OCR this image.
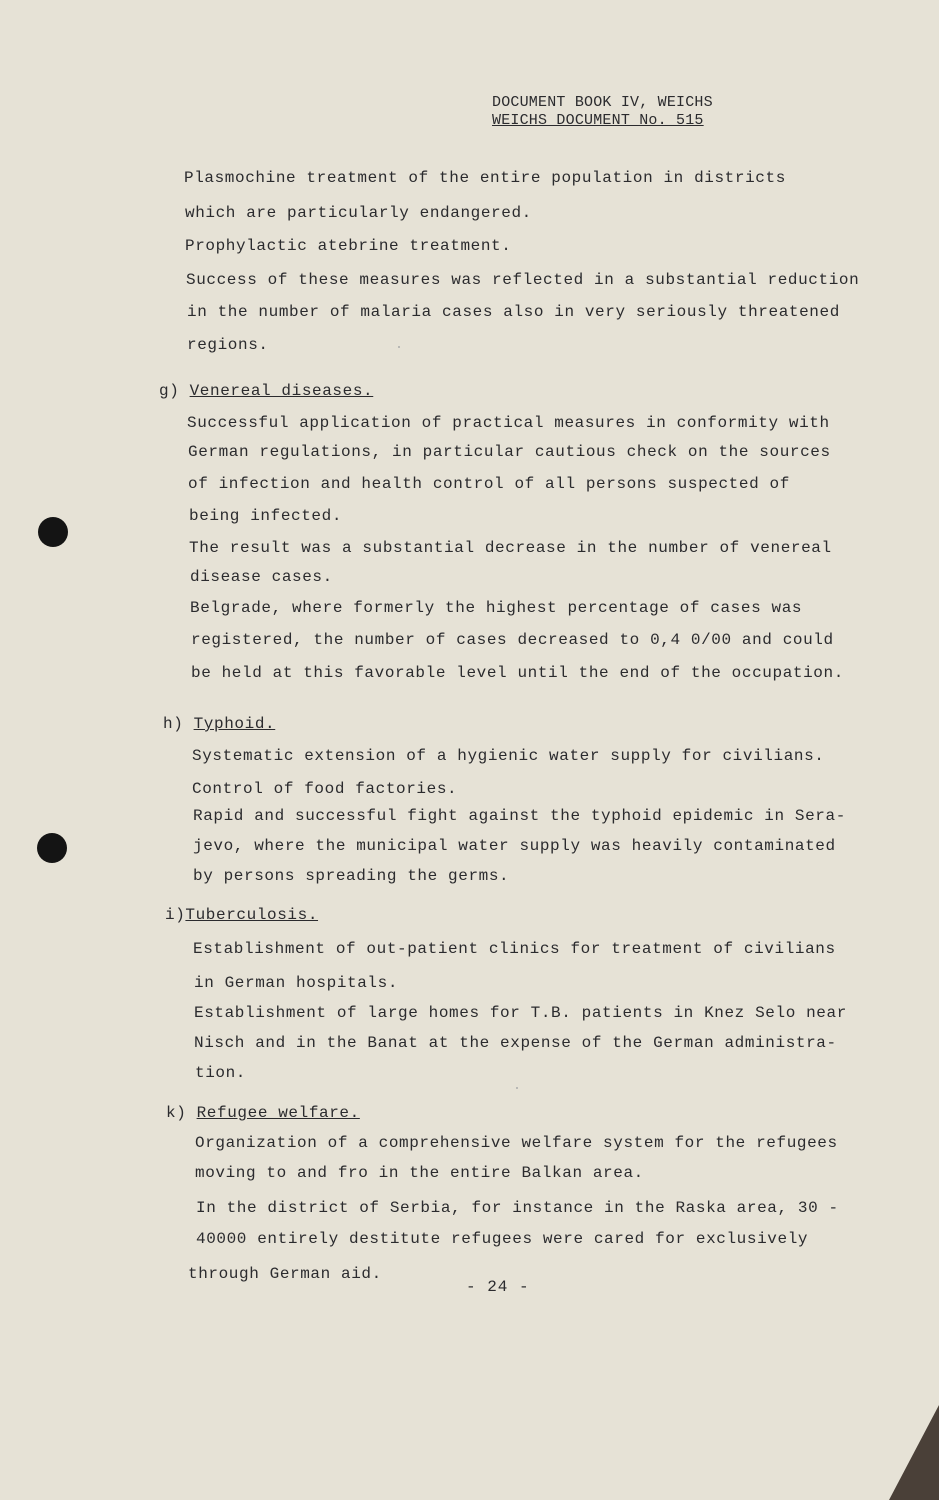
DOCUMENT BOOK IV, WEICHS
WEICHS DOCUMENT No. 515
Plasmochine treatment of the entire population in districts
which are particularly endangered.
Prophylactic atebrine treatment.
Success of these measures was reflected in a substantial reduction
in the number of malaria cases also in very seriously threatened
regions.
g) Venereal diseases.
Successful application of practical measures in conformity with
German regulations, in particular cautious check on the sources
of infection and health control of all persons suspected of
being infected.
The result was a substantial decrease in the number of venereal
disease cases.
Belgrade, where formerly the highest percentage of cases was
registered, the number of cases decreased to 0,4 0/00 and could
be held at this favorable level until the end of the occupation.
h) Typhoid.
Systematic extension of a hygienic water supply for civilians.
Control of food factories.
Rapid and successful fight against the typhoid epidemic in Sera-
jevo, where the municipal water supply was heavily contaminated
by persons spreading the germs.
i)Tuberculosis.
Establishment of out-patient clinics for treatment of civilians
in German hospitals.
Establishment of large homes for T.B. patients in Knez Selo near
Nisch and in the Banat at the expense of the German administra-
tion.
k) Refugee welfare.
Organization of a comprehensive welfare system for the refugees
moving to and fro in the entire Balkan area.
In the district of Serbia, for instance in the Raska area, 30 -
40000 entirely destitute refugees were cared for exclusively
through German aid.
- 24 -
